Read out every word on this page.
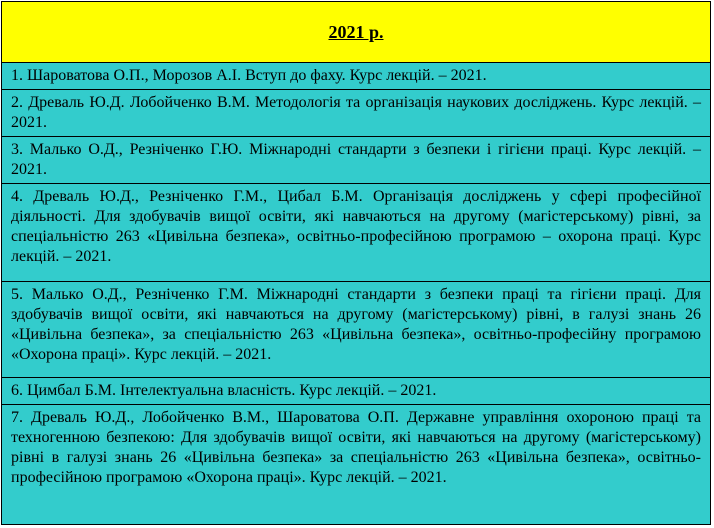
2021 р.
1. Шароватова О.П., Морозов А.І. Вступ до фаху. Курс лекцій. – 2021.
2. Древаль Ю.Д. Лобойченко В.М. Методологія та організація наукових досліджень. Курс лекцій. – 2021.
3. Малько О.Д., Резніченко Г.Ю. Міжнародні стандарти з безпеки і гігієни праці. Курс лекцій. – 2021.
4. Древаль Ю.Д., Резніченко Г.М., Цибал Б.М. Організація досліджень у сфері професійної діяльності. Для здобувачів вищої освіти, які навчаються на другому (магістерському) рівні, за спеціальністю 263 «Цивільна безпека», освітньо-професійною програмою – охорона праці. Курс лекцій. – 2021.
5. Малько О.Д., Резніченко Г.М. Міжнародні стандарти з безпеки праці та гігієни праці. Для здобувачів вищої освіти, які навчаються на другому (магістерському) рівні, в галузі знань 26 «Цивільна безпека», за спеціальністю 263 «Цивільна безпека», освітньо-професійну програмою «Охорона праці». Курс лекцій. – 2021.
6. Цимбал Б.М. Інтелектуальна власність. Курс лекцій. – 2021.
7. Древаль Ю.Д., Лобойченко В.М., Шароватова О.П. Державне управління охороною праці та техногенною безпекою: Для здобувачів вищої освіти, які навчаються на другому (магістерському) рівні в галузі знань 26 «Цивільна безпека» за спеціальністю 263 «Цивільна безпека», освітньо-професійною програмою «Охорона праці». Курс лекцій. – 2021.
